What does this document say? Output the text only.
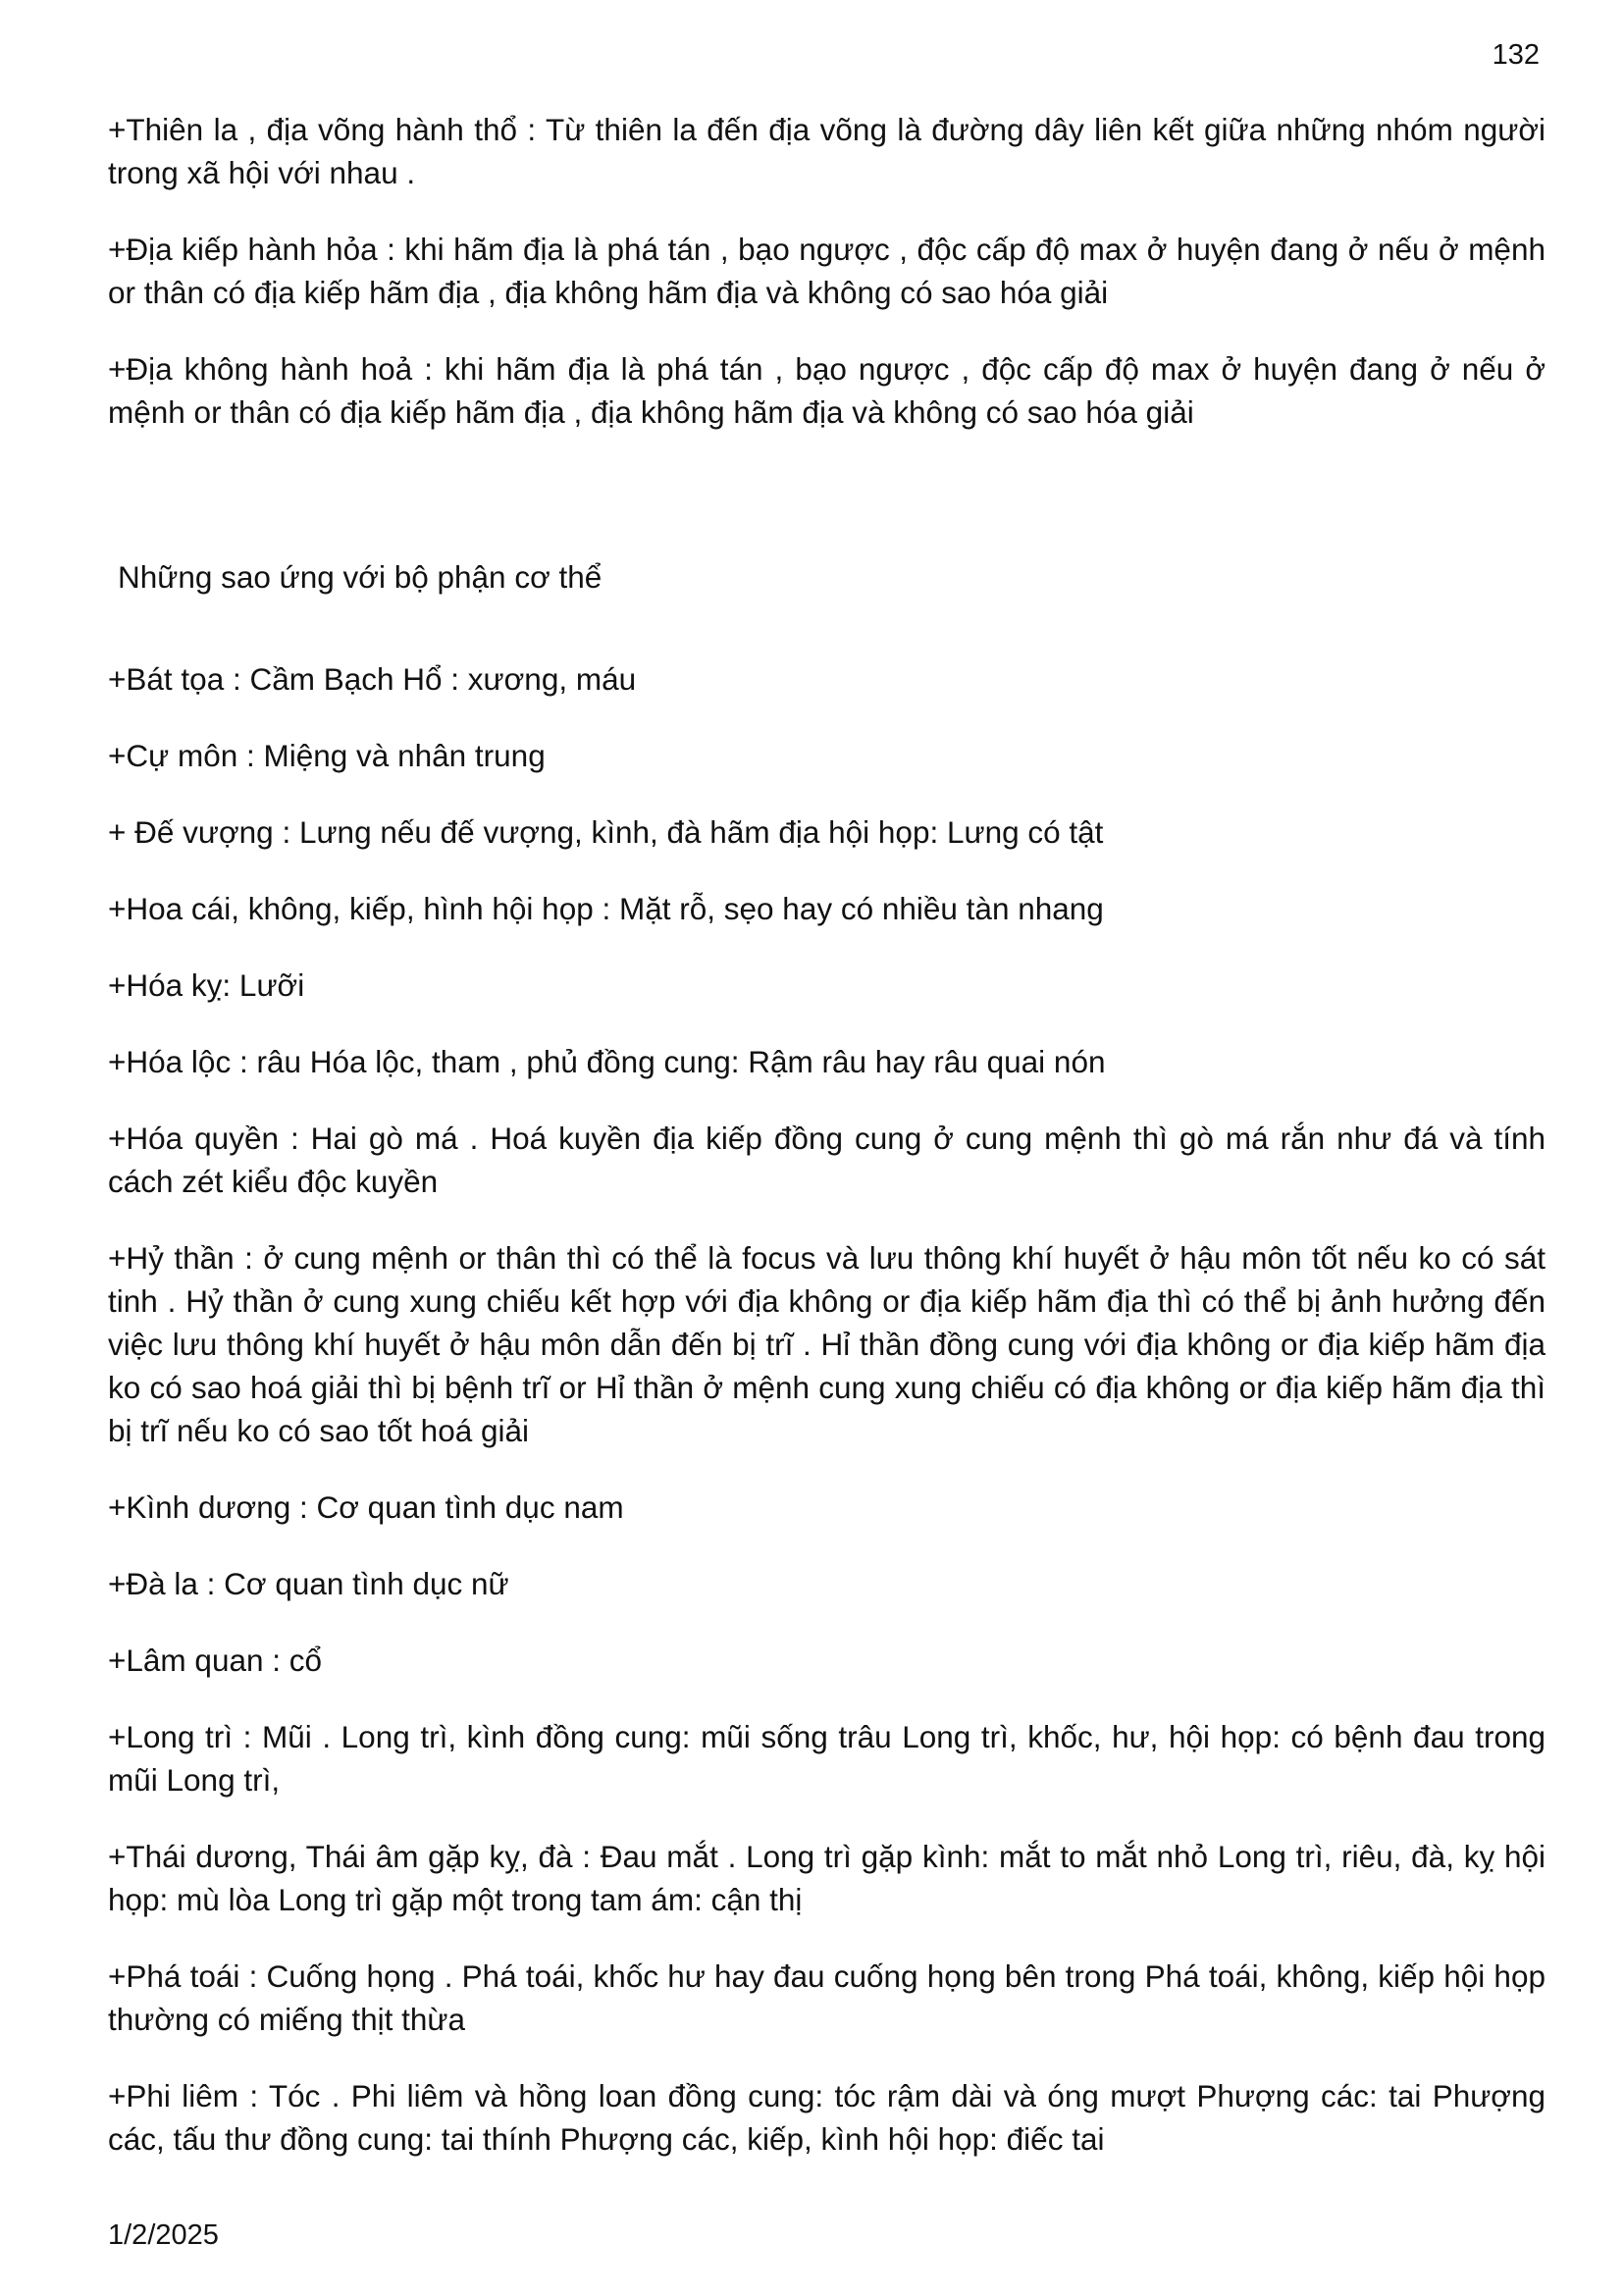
132

+Thiên la , địa võng hành thổ : Từ thiên la đến địa võng là đường dây liên kết giữa những nhóm người trong xã hội với nhau .

+Địa kiếp hành hỏa : khi hãm địa là phá tán , bạo ngược , độc cấp độ max ở huyện đang ở nếu ở mệnh or thân có địa kiếp hãm địa , địa không hãm địa và không có sao hóa giải

+Địa không hành hoả : khi hãm địa là phá tán , bạo ngược , độc cấp độ max ở huyện đang ở nếu ở mệnh or thân có địa kiếp hãm địa , địa không hãm địa và không có sao hóa giải

Những sao ứng với bộ phận cơ thể

+Bát tọa : Cầm Bạch Hổ : xương, máu

+Cự môn : Miệng và nhân trung

+ Đế vượng : Lưng nếu đế vượng, kình, đà hãm địa hội họp: Lưng có tật

+Hoa cái, không, kiếp, hình hội họp : Mặt rỗ, sẹo hay có nhiều tàn nhang

+Hóa kỵ: Lưỡi

+Hóa lộc : râu Hóa lộc, tham , phủ đồng cung: Rậm râu hay râu quai nón

+Hóa quyền : Hai gò má . Hoá kuyền địa kiếp đồng cung ở cung mệnh thì gò má rắn như đá và tính cách zét kiểu độc kuyền

+Hỷ thần : ở cung mệnh or thân thì có thể là focus và lưu thông khí huyết ở hậu môn tốt nếu ko có sát tinh . Hỷ thần ở cung xung chiếu kết hợp với địa không or địa kiếp hãm địa thì có thể bị ảnh hưởng đến việc lưu thông khí huyết ở hậu môn dẫn đến bị trĩ . Hỉ thần đồng cung với địa không or địa kiếp hãm địa ko có sao hoá giải thì bị bệnh trĩ or Hỉ thần ở mệnh cung xung chiếu có địa không or địa kiếp hãm địa thì bị trĩ nếu ko có sao tốt hoá giải

+Kình dương : Cơ quan tình dục nam

+Đà la : Cơ quan tình dục nữ

+Lâm quan : cổ

+Long trì : Mũi . Long trì, kình đồng cung: mũi sống trâu Long trì, khốc, hư, hội họp: có bệnh đau trong mũi Long trì,

+Thái dương, Thái âm gặp kỵ, đà : Đau mắt . Long trì gặp kình: mắt to mắt nhỏ Long trì, riêu, đà, kỵ hội họp: mù lòa Long trì gặp một trong tam ám: cận thị

+Phá toái : Cuống họng . Phá toái, khốc hư hay đau cuống họng bên trong Phá toái, không, kiếp hội họp thường có miếng thịt thừa

+Phi liêm : Tóc . Phi liêm và hồng loan đồng cung: tóc rậm dài và óng mượt Phượng các: tai Phượng các, tấu thư đồng cung: tai thính Phượng các, kiếp, kình hội họp: điếc tai

1/2/2025
